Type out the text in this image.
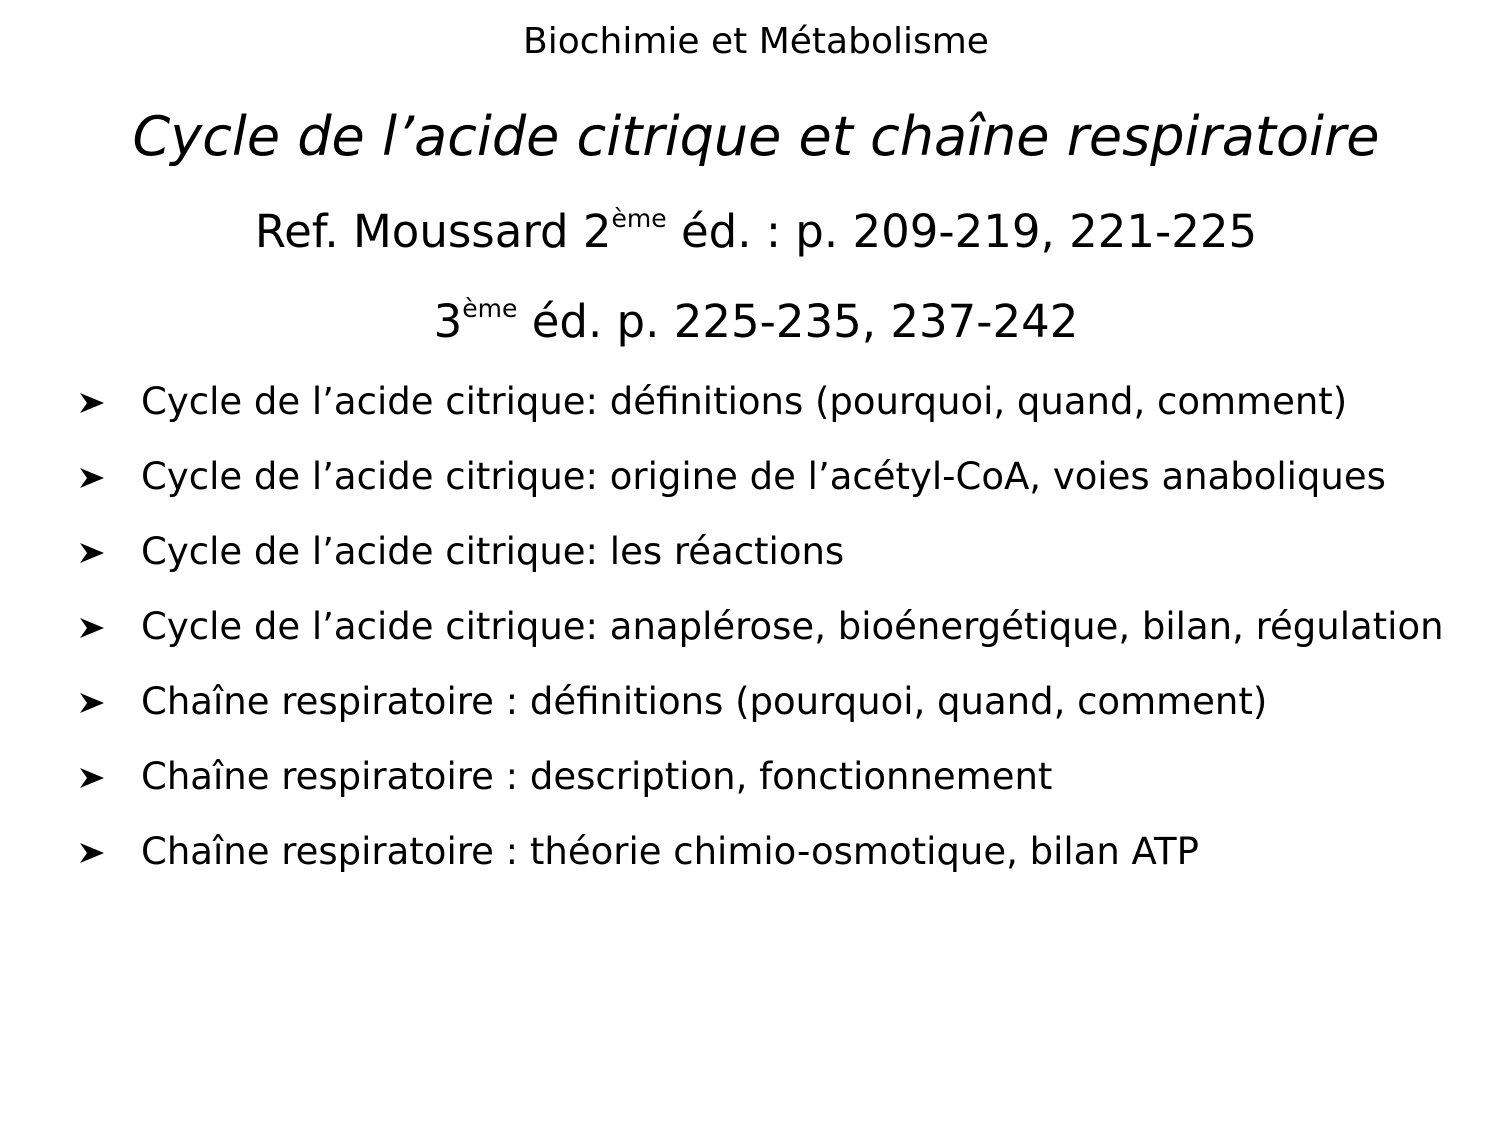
Biochimie et Métabolisme
Cycle de l’acide citrique et chaîne respiratoire
Ref. Moussard 2ème éd. : p. 209-219, 221-225
3ème éd. p. 225-235, 237-242
Cycle de l’acide citrique: définitions (pourquoi, quand, comment)
Cycle de l’acide citrique: origine de l’acétyl-CoA, voies anaboliques
Cycle de l’acide citrique: les réactions
Cycle de l’acide citrique: anaplérose, bioénergétique, bilan, régulation
Chaîne respiratoire : définitions (pourquoi, quand, comment)
Chaîne respiratoire : description, fonctionnement
Chaîne respiratoire : théorie chimio-osmotique, bilan ATP
